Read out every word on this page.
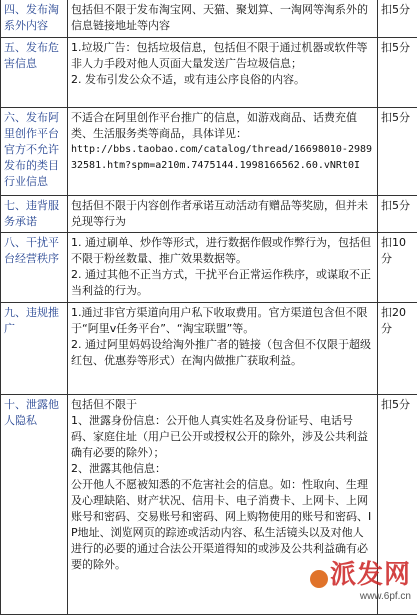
四、发布淘系外内容	包括但不限于发布淘宝网、天猫、聚划算、一淘网等淘系外的信息链接地址等内容	扣5分
五、发布危害信息	1.垃圾广告：包括垃圾信息，包括但不限于通过机器或软件等非人力手段对他人页面大量发送广告垃圾信息；
2. 发布引发公众不适，或有违公序良俗的内容。	扣5分
六、发布阿里创作平台官方不允许发布的类目行业信息	不适合在阿里创作平台推广的信息，如游戏商品、话费充值类、生活服务类等商品，具体详见：
http://bbs.taobao.com/catalog/thread/16698010-298932581.htm?spm=a210m.7475144.1998166562.60.vNRt0I	扣5分
七、违背服务承诺	包括但不限于内容创作者承诺互动活动有赠品等奖励，但并未兑现等行为	扣5分
八、干扰平台经营秩序	1. 通过刷单、炒作等形式，进行数据作假或作弊行为，包括但不限于粉丝数量、推广效果数据等。
2. 通过其他不正当方式，干扰平台正常运作秩序，或谋取不正当利益的行为。	扣10分
九、违规推广	1.通过非官方渠道向用户私下收取费用。官方渠道包含但不限于“阿里v任务平台”、“淘宝联盟”等。
2. 通过阿里妈妈设给淘外推广者的链接（包含但不仅限于超级红包、优惠券等形式）在淘内做推广获取利益。	扣20分
十、泄露他人隐私	包括但不限于
1、泄露身份信息：公开他人真实姓名及身份证号、电话号码、家庭住址（用户已公开或授权公开的除外，涉及公共利益确有必要的除外）；
2、泄露其他信息：
公开他人不愿被知悉的不危害社会的信息。如：性取向、生理及心理缺陷、财产状况、信用卡、电子消费卡、上网卡、上网账号和密码、交易账号和密码、网上购物使用的账号和密码、IP地址、浏览网页的踪迹或活动内容、私生活镜头以及对他人进行的必要的通过合法公开渠道得知的或涉及公共利益确有必要的除外。	扣5分
派发网
www.6pf.cn
